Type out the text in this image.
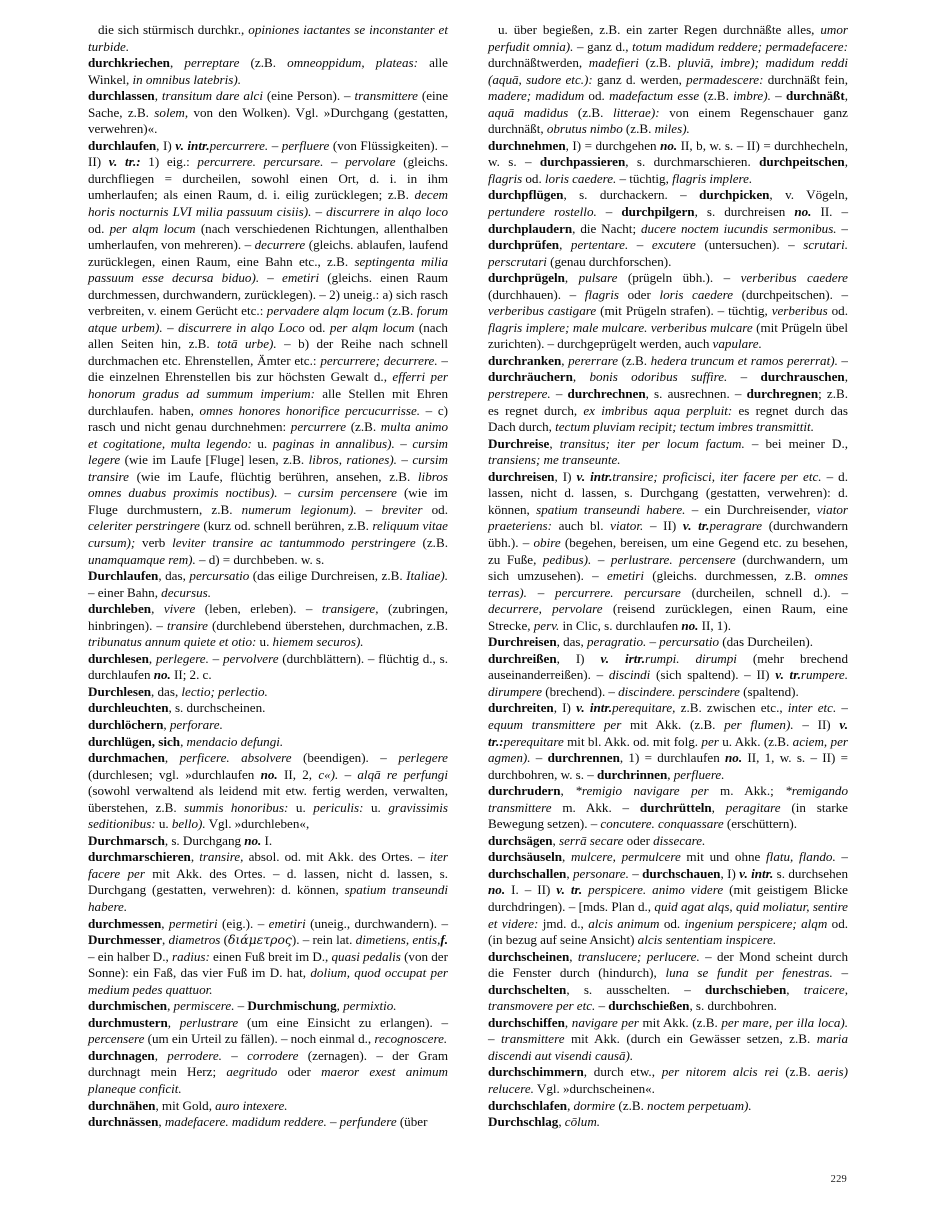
die sich stürmisch durchkr., opiniones iactantes se inconstanter et turbide.

durchkriechen, perreptare (z.B. omneoppidum, plateas: alle Winkel, in omnibus latebris).

durchlassen, transitum dare alci (eine Person). – transmittere (eine Sache, z.B. solem, von den Wolken). Vgl. »Durchgang (gestatten, verwehren)«.

durchlaufen, I) v. intr.percurrere. – perfluere (von Flüssigkeiten). – II) v. tr.: 1) eig.: percurrere. percursare. – pervolare (gleichs. durchfliegen = durcheilen, sowohl einen Ort, d. i. in ihm umherlaufen; als einen Raum, d. i. eilig zurücklegen; z.B. decem horis nocturnis LVI milia passuum cisiis). – discurrere in alqo loco od. per alqm locum (nach verschiedenen Richtungen, allenthalben umherlaufen, von mehreren). – decurrere (gleichs. ablaufen, laufend zurücklegen, einen Raum, eine Bahn etc., z.B. septingenta milia passuum esse decursa biduo). – emetiri (gleichs. einen Raum durchmessen, durchwandern, zurücklegen). – 2) uneig.: a) sich rasch verbreiten, v. einem Gerücht etc.: pervadere alqm locum (z.B. forum atque urbem). – discurrere in alqo Loco od. per alqm locum (nach allen Seiten hin, z.B. totā urbe). – b) der Reihe nach schnell durchmachen etc. Ehrenstellen, Ämter etc.: percurrere; decurrere. – die einzelnen Ehrenstellen bis zur höchsten Gewalt d., efferri per honorum gradus ad summum imperium: alle Stellen mit Ehren durchlaufen. haben, omnes honores honorifice percucurrisse. – c) rasch und nicht genau durchnehmen: percurrere (z.B. multa animo et cogitatione, multa legendo: u. paginas in annalibus). – cursim legere (wie im Laufe [Fluge] lesen, z.B. libros, rationes). – cursim transire (wie im Laufe, flüchtig berühren, ansehen, z.B. libros omnes duabus proximis noctibus). – cursim percensere (wie im Fluge durchmustern, z.B. numerum legionum). – breviter od. celeriter perstringere (kurz od. schnell berühren, z.B. reliquum vitae cursum); verb leviter transire ac tantummodo perstringere (z.B. unamquamque rem). – d) = durchbeben. w. s.

Durchlaufen, das, percursatio (das eilige Durchreisen, z.B. Italiae). – einer Bahn, decursus.

durchleben, vivere (leben, erleben). – transigere, (zubringen, hinbringen). – transire (durchlebend überstehen, durchmachen, z.B. tribunatus annum quiete et otio: u. hiemem securos).

durchlesen, perlegere. – pervolvere (durchblättern). – flüchtig d., s. durchlaufen no. II; 2. c.

Durchlesen, das, lectio; perlectio.

durchleuchten, s. durchscheinen.

durchlöchern, perforare.

durchlügen, sich, mendacio defungi.

durchmachen, perficere. absolvere (beendigen). – perlegere (durchlesen; vgl. »durchlaufen no. II, 2, c«). – alqā re perfungi (sowohl verwaltend als leidend mit etw. fertig werden, verwalten, überstehen, z.B. summis honoribus: u. periculis: u. gravissimis seditionibus: u. bello). Vgl. »durchleben«,

Durchmarsch, s. Durchgang no. I.

durchmarschieren, transire, absol. od. mit Akk. des Ortes. – iter facere per mit Akk. des Ortes. – d. lassen, nicht d. lassen, s. Durchgang (gestatten, verwehren): d. können, spatium transeundi habere.

durchmessen, permetiri (eig.). – emetiri (uneig., durchwandern). – Durchmesser, diametros (διάμετρος). – rein lat. dimetiens, entis,f. – ein halber D., radius: einen Fuß breit im D., quasi pedalis (von der Sonne): ein Faß, das vier Fuß im D. hat, dolium, quod occupat per medium pedes quattuor.

durchmischen, permiscere. – Durchmischung, permixtio.

durchmustern, perlustrare (um eine Einsicht zu erlangen). – percensere (um ein Urteil zu fällen). – noch einmal d., recognoscere.

durchnagen, perrodere. – corrodere (zernagen). – der Gram durchnagt mein Herz; aegritudo oder maeror exest animum planeque conficit.

durchnähen, mit Gold, auro intexere.

durchnässen, madefacere. madidum reddere. – perfundere (über

u. über begießen, z.B. ein zarter Regen durchnäßte alles, umor perfudit omnia). – ganz d., totum madidum reddere; permadefacere: durchnäßtwerden, madefieri (z.B. pluviā, imbre); madidum reddi (aquā, sudore etc.): ganz d. werden, permadescere: durchnäßt fein, madere; madidum od. madefactum esse (z.B. imbre). – durchnäßt, aquā madidus (z.B. litterae): von einem Regenschauer ganz durchnäßt, obrutus nimbo (z.B. miles).

durchnehmen, I) = durchgehen no. II, b, w. s. – II) = durchhecheln, w. s. – durchpassieren, s. durchmarschieren. durchpeitschen, flagris od. loris caedere. – tüchtig, flagris implere.

durchpflügen, s. durchackern. – durchpicken, v. Vögeln, pertundere rostello. – durchpilgern, s. durchreisen no. II. – durchplaudern, die Nacht; ducere noctem iucundis sermonibus. – durchprüfen, pertentare. – excutere (untersuchen). – scrutari. perscrutari (genau durchforschen).

durchprügeln, pulsare (prügeln übh.). – verberibus caedere (durchhauen). – flagris oder loris caedere (durchpeitschen). – verberibus castigare (mit Prügeln strafen). – tüchtig, verberibus od. flagris implere; male mulcare. verberibus mulcare (mit Prügeln übel zurichten). – durchgeprügelt werden, auch vapulare.

durchranken, pererrare (z.B. hedera truncum et ramos pererrat). – durchräuchern, bonis odoribus suffire. – durchrauschen, perstrepere. – durchrechnen, s. ausrechnen. – durchregnen; z.B. es regnet durch, ex imbribus aqua perpluit: es regnet durch das Dach durch, tectum pluviam recipit; tectum imbres transmittit.

Durchreise, transitus; iter per locum factum. – bei meiner D., transiens; me transeunte.

durchreisen, I) v. intr.transire; proficisci, iter facere per etc. – d. lassen, nicht d. lassen, s. Durchgang (gestatten, verwehren): d. können, spatium transeundi habere. – ein Durchreisender, viator praeteriens: auch bl. viator. – II) v. tr.peragrare (durchwandern übh.). – obire (begehen, bereisen, um eine Gegend etc. zu besehen, zu Fuße, pedibus). – perlustrare. percensere (durchwandern, um sich umzusehen). – emetiri (gleichs. durchmessen, z.B. omnes terras). – percurrere. percursare (durcheilen, schnell d.). – decurrere, pervolare (reisend zurücklegen, einen Raum, eine Strecke, perv. in Clic, s. durchlaufen no. II, 1).

Durchreisen, das, peragratio. – percursatio (das Durcheilen).

durchreißen, I) v. irtr.rumpi. dirumpi (mehr brechend auseinanderreißen). – discindi (sich spaltend). – II) v. tr.rumpere. dirumpere (brechend). – discindere. perscindere (spaltend).

durchreiten, I) v. intr.perequitare, z.B. zwischen etc., inter etc. – equum transmittere per mit Akk. (z.B. per flumen). – II) v. tr.:perequitare mit bl. Akk. od. mit folg. per u. Akk. (z.B. aciem, per agmen). – durchrennen, 1) = durchlaufen no. II, 1, w. s. – II) = durchbohren, w. s. – durchrinnen, perfluere.

durchrudern, *remigio navigare per m. Akk.; *remigando transmittere m. Akk. – durchrütteln, peragitare (in starke Bewegung setzen). – concutere. conquassare (erschüttern).

durchsägen, serrā secare oder dissecare.

durchsäuseln, mulcere, permulcere mit und ohne flatu, flando. – durchschallen, personare. – durchschauen, I) v. intr. s. durchsehen no. I. – II) v. tr. perspicere. animo videre (mit geistigem Blicke durchdringen). – [mds. Plan d., quid agat alqs, quid moliatur, sentire et videre: jmd. d., alcis animum od. ingenium perspicere; alqm od. (in bezug auf seine Ansicht) alcis sententiam inspicere.

durchscheinen, translucere; perlucere. – der Mond scheint durch die Fenster durch (hindurch), luna se fundit per fenestras. – durchschelten, s. ausschelten. – durchschieben, traicere, transmovere per etc. – durchschießen, s. durchbohren.

durchschiffen, navigare per mit Akk. (z.B. per mare, per illa loca). – transmittere mit Akk. (durch ein Gewässer setzen, z.B. maria discendi aut visendi causā).

durchschimmern, durch etw., per nitorem alcis rei (z.B. aeris) relucere. Vgl. »durchscheinen«.

durchschlafen, dormire (z.B. noctem perpetuam).

Durchschlag, cōlum.

229
